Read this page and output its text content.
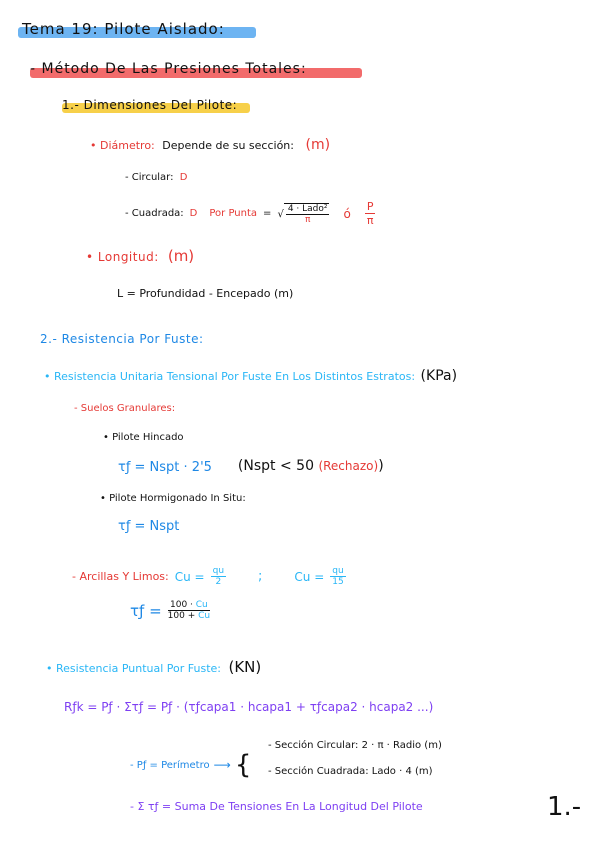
Tema 19: Pilote Aislado:
- Método De Las Presiones Totales:
1.- Dimensiones Del Pilote:
• Diámetro: Depende de su sección: (m)
- Circular: D
- Cuadrada: D Por Punta = √ $\frac{\text{4 · Lado²}}{\pi}$ ó $\frac{P}{\pi}$
• Longitud: (m)
L = Profundidad - Encepado (m)
2.- Resistencia Por Fuste:
• Resistencia Unitaria Tensional Por Fuste En Los Distintos Estratos: (KPa)
- Suelos Granulares:
• Pilote Hincado
τƒ = Nspt · 2'5 (Nspt < 50 (Rechazo))
• Pilote Hormigonado In Situ:
τƒ = Nspt
- Arcillas Y Limos: $Cu = \frac{qu}{2}$ ;	$Cu = \frac{qu}{15}$
τƒ = $\frac{100 \cdot Cu}{100 + Cu}$
• Resistencia Puntual Por Fuste: (KN)
Rƒk = Pƒ · Στƒ = Pƒ · (τƒcapa1 · hcapa1 + τƒcapa2 · hcapa2 ...)
- Pƒ = Perímetro ⟶ {
- Sección Circular: 2 · π · Radio (m)
- Sección Cuadrada: Lado · 4 (m)
- Σ τƒ = Suma De Tensiones En La Longitud Del Pilote	1.-
